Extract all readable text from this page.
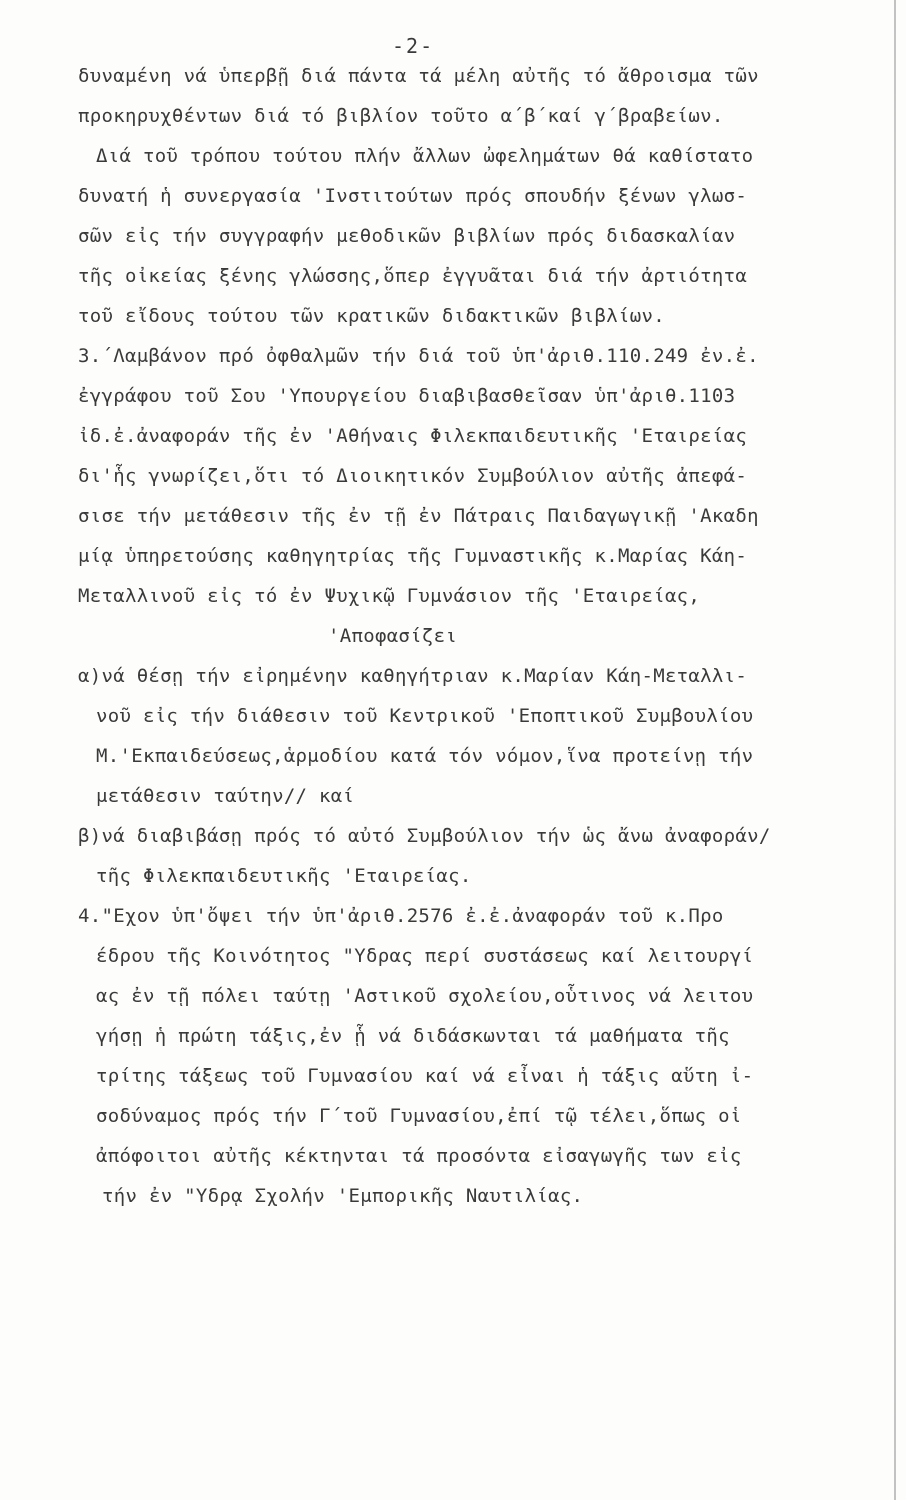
-2-
δυναμένη νά ὑπερβῇ διά πάντα τά μέλη αὐτῆς τό ἄθροισμα τῶν
προκηρυχθέντων διά τό βιβλίον τοῦτο α΄β΄καί γ΄βραβείων.
Διά τοῦ τρόπου τούτου πλήν ἄλλων ὠφελημάτων θά καθίστατο
δυνατή ἡ συνεργασία 'Ινστιτούτων πρός σπουδήν ξένων γλωσ-
σῶν εἰς τήν συγγραφήν μεθοδικῶν βιβλίων πρός διδασκαλίαν
τῆς οἰκείας ξένης γλώσσης,ὅπερ ἐγγυᾶται διά τήν ἀρτιότητα
τοῦ εἴδους τούτου τῶν κρατικῶν διδακτικῶν βιβλίων.
3.΄Λαμβάνον πρό ὀφθαλμῶν τήν διά τοῦ ὑπ'ἀριθ.110.249 ἐν.ἐ.
ἐγγράφου τοῦ Σου 'Υπουργείου διαβιβασθεῖσαν ὑπ'ἀριθ.1103
ἰδ.ἐ.ἀναφοράν τῆς ἐν 'Αθήναις Φιλεκπαιδευτικῆς 'Εταιρείας
δι'ἧς γνωρίζει,ὅτι τό Διοικητικόν Συμβούλιον αὐτῆς ἀπεφά-
σισε τήν μετάθεσιν τῆς ἐν τῇ ἐν Πάτραις Παιδαγωγικῇ 'Ακαδη
μίᾳ ὑπηρετούσης καθηγητρίας τῆς Γυμναστικῆς κ.Μαρίας Κάη-
Μεταλλινοῦ εἰς τό ἐν Ψυχικῷ Γυμνάσιον τῆς 'Εταιρείας,
'Αποφασίζει
α)νά θέσῃ τήν εἰρημένην καθηγήτριαν κ.Μαρίαν Κάη-Μεταλλι-
νοῦ εἰς τήν διάθεσιν τοῦ Κεντρικοῦ 'Εποπτικοῦ Συμβουλίου
Μ.'Εκπαιδεύσεως,ἁρμοδίου κατά τόν νόμον,ἵνα προτείνῃ τήν
μετάθεσιν ταύτην// καί
β)νά διαβιβάσῃ πρός τό αὐτό Συμβούλιον τήν ὡς ἄνω ἀναφοράν/
τῆς Φιλεκπαιδευτικῆς 'Εταιρείας.
4."Εχον ὑπ'ὄψει τήν ὑπ'ἀριθ.2576 ἐ.ἐ.ἀναφοράν τοῦ κ.Προ
έδρου τῆς Κοινότητος "Υδρας περί συστάσεως καί λειτουργί
ας ἐν τῇ πόλει ταύτῃ 'Αστικοῦ σχολείου,οὗτινος νά λειτου
γήσῃ ἡ πρώτη τάξις,ἐν ᾗ νά διδάσκωνται τά μαθήματα τῆς
τρίτης τάξεως τοῦ Γυμνασίου καί νά εἶναι ἡ τάξις αὕτη ἰ-
σοδύναμος πρός τήν Γ΄τοῦ Γυμνασίου,ἐπί τῷ τέλει,ὅπως οἱ
ἀπόφοιτοι αὐτῆς κέκτηνται τά προσόντα εἰσαγωγῆς των εἰς
τήν ἐν "Υδρᾳ Σχολήν 'Εμπορικῆς Ναυτιλίας.
